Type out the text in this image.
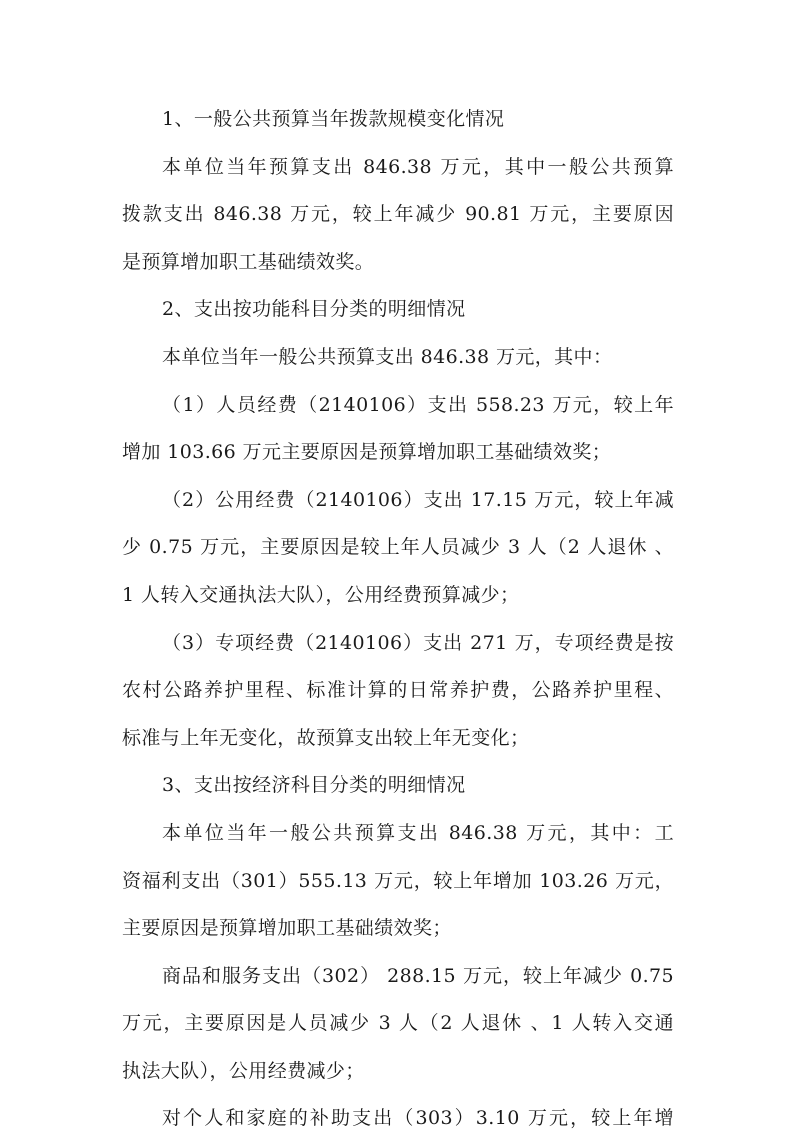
1、一般公共预算当年拨款规模变化情况
本单位当年预算支出 846.38 万元，其中一般公共预算
拨款支出 846.38 万元，较上年减少 90.81 万元，主要原因
是预算增加职工基础绩效奖。
2、支出按功能科目分类的明细情况
本单位当年一般公共预算支出 846.38 万元，其中：
（1）人员经费（2140106）支出 558.23 万元，较上年
增加 103.66 万元主要原因是预算增加职工基础绩效奖；
（2）公用经费（2140106）支出 17.15 万元，较上年减
少 0.75 万元，主要原因是较上年人员减少 3 人（2 人退休 、
1 人转入交通执法大队），公用经费预算减少；
（3）专项经费（2140106）支出 271 万，专项经费是按
农村公路养护里程、标准计算的日常养护费，公路养护里程、
标准与上年无变化，故预算支出较上年无变化；
3、支出按经济科目分类的明细情况
本单位当年一般公共预算支出 846.38 万元，其中：工
资福利支出（301）555.13 万元，较上年增加 103.26 万元，
主要原因是预算增加职工基础绩效奖；
商品和服务支出（302） 288.15 万元，较上年减少 0.75
万元，主要原因是人员减少 3 人（2 人退休 、1 人转入交通
执法大队），公用经费减少；
对个人和家庭的补助支出（303）3.10 万元，较上年增
